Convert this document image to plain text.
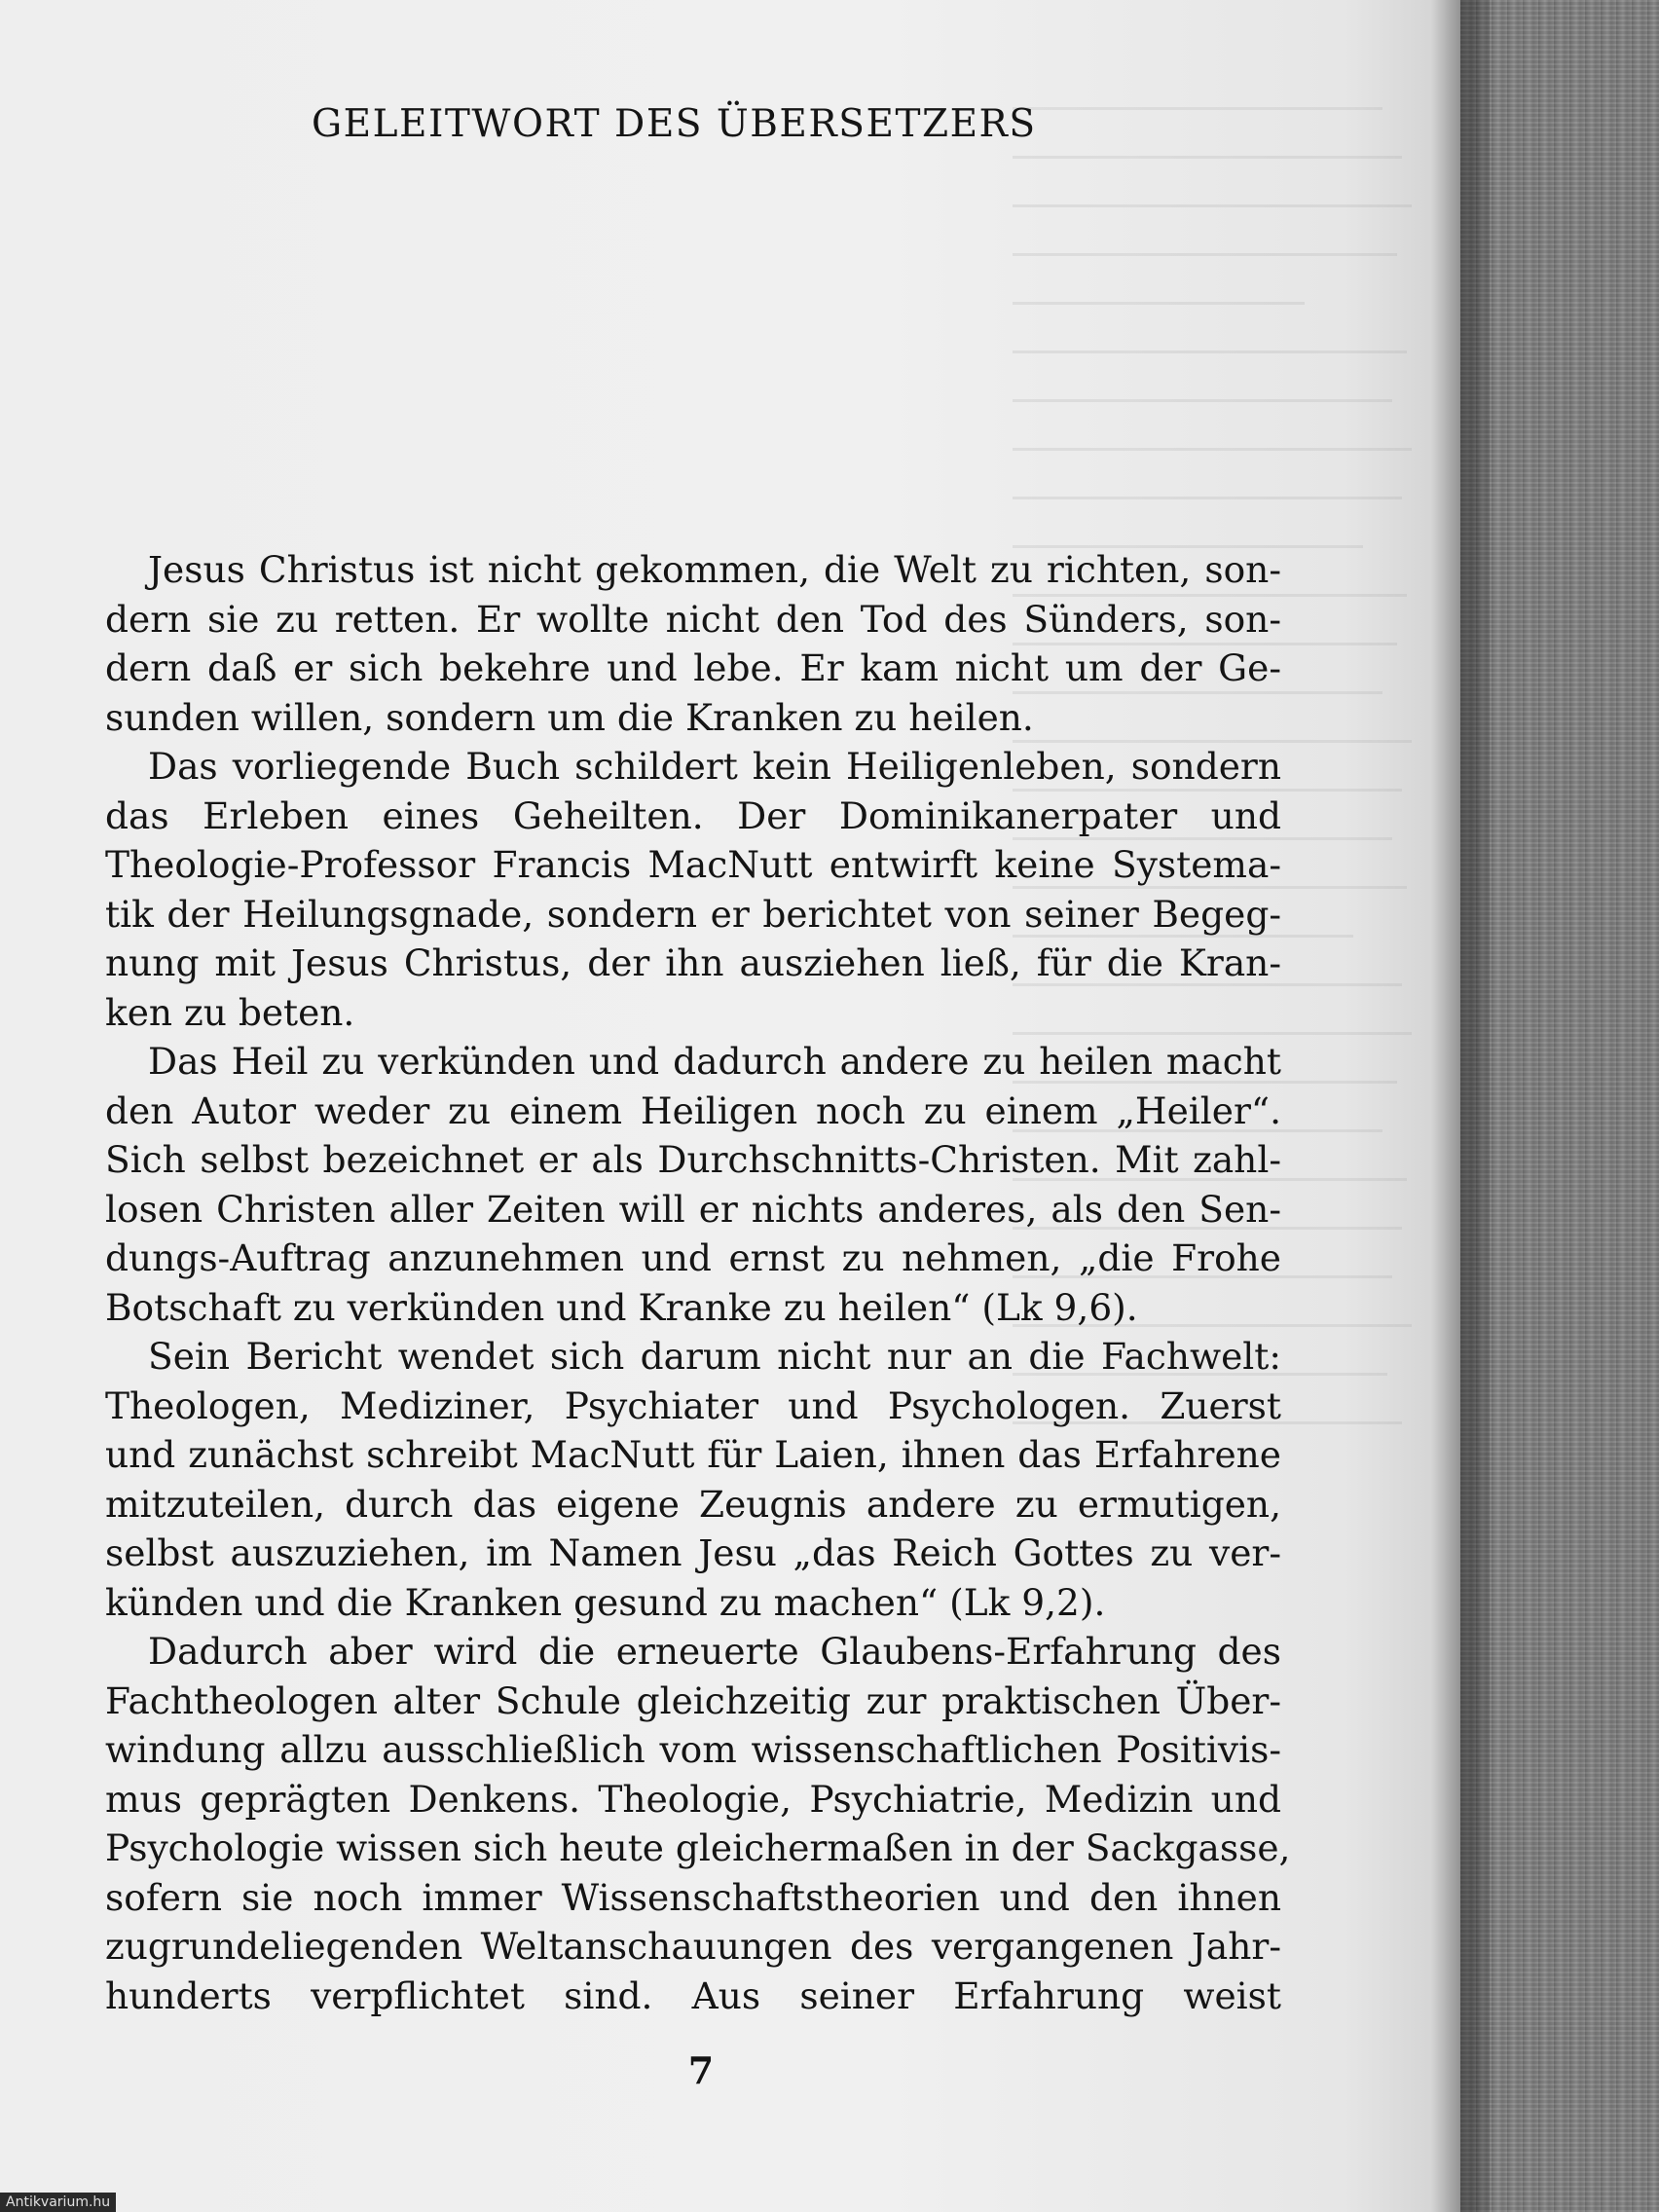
GELEITWORT DES ÜBERSETZERS

Jesus Christus ist nicht gekommen, die Welt zu richten, son-
dern sie zu retten. Er wollte nicht den Tod des Sünders, son-
dern daß er sich bekehre und lebe. Er kam nicht um der Ge-
sunden willen, sondern um die Kranken zu heilen.

Das vorliegende Buch schildert kein Heiligenleben, sondern
das Erleben eines Geheilten. Der Dominikanerpater und
Theologie-Professor Francis MacNutt entwirft keine Systema-
tik der Heilungsgnade, sondern er berichtet von seiner Begeg-
nung mit Jesus Christus, der ihn ausziehen ließ, für die Kran-
ken zu beten.

Das Heil zu verkünden und dadurch andere zu heilen macht
den Autor weder zu einem Heiligen noch zu einem „Heiler“.
Sich selbst bezeichnet er als Durchschnitts-Christen. Mit zahl-
losen Christen aller Zeiten will er nichts anderes, als den Sen-
dungs-Auftrag anzunehmen und ernst zu nehmen, „die Frohe
Botschaft zu verkünden und Kranke zu heilen“ (Lk 9,6).

Sein Bericht wendet sich darum nicht nur an die Fachwelt:
Theologen, Mediziner, Psychiater und Psychologen. Zuerst
und zunächst schreibt MacNutt für Laien, ihnen das Erfahrene
mitzuteilen, durch das eigene Zeugnis andere zu ermutigen,
selbst auszuziehen, im Namen Jesu „das Reich Gottes zu ver-
künden und die Kranken gesund zu machen“ (Lk 9,2).

Dadurch aber wird die erneuerte Glaubens-Erfahrung des
Fachtheologen alter Schule gleichzeitig zur praktischen Über-
windung allzu ausschließlich vom wissenschaftlichen Positivis-
mus geprägten Denkens. Theologie, Psychiatrie, Medizin und
Psychologie wissen sich heute gleichermaßen in der Sackgasse,
sofern sie noch immer Wissenschaftstheorien und den ihnen
zugrundeliegenden Weltanschauungen des vergangenen Jahr-
hunderts verpflichtet sind. Aus seiner Erfahrung weist

7
Antikvarium.hu
